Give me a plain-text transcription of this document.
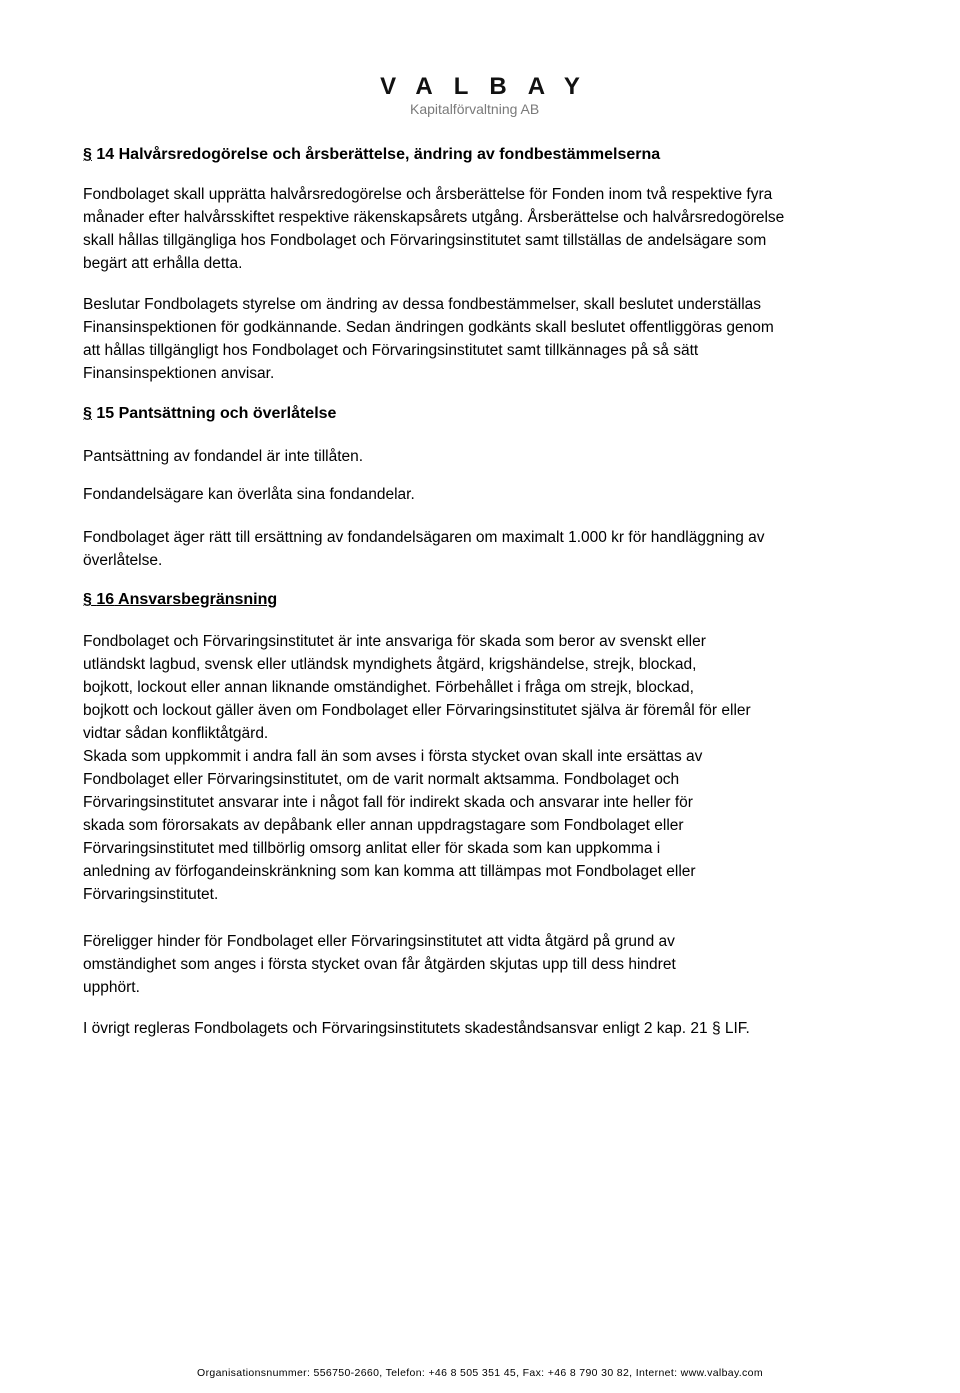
VALBAY
Kapitalförvaltning AB
§ 14 Halvårsredogörelse och årsberättelse, ändring av fondbestämmelserna
Fondbolaget skall upprätta halvårsredogörelse och årsberättelse för Fonden inom två respektive fyra
månader efter halvårsskiftet respektive räkenskapsårets utgång. Årsberättelse och halvårsredogörelse
skall hållas tillgängliga hos Fondbolaget och Förvaringsinstitutet samt tillställas de andelsägare som
begärt att erhålla detta.
Beslutar Fondbolagets styrelse om ändring av dessa fondbestämmelser, skall beslutet underställas
Finansinspektionen för godkännande. Sedan ändringen godkänts skall beslutet offentliggöras genom
att hållas tillgängligt hos Fondbolaget och Förvaringsinstitutet samt tillkännages på så sätt
Finansinspektionen anvisar.
§ 15 Pantsättning och överlåtelse
Pantsättning av fondandel är inte tillåten.
Fondandelsägare kan överlåta sina fondandelar.
Fondbolaget äger rätt till ersättning av fondandelsägaren om maximalt 1.000 kr för handläggning av
överlåtelse.
§ 16 Ansvarsbegränsning
Fondbolaget och Förvaringsinstitutet är inte ansvariga för skada som beror av svenskt eller
utländskt lagbud, svensk eller utländsk myndighets åtgärd, krigshändelse, strejk, blockad,
bojkott, lockout eller annan liknande omständighet. Förbehållet i fråga om strejk, blockad,
bojkott och lockout gäller även om Fondbolaget eller Förvaringsinstitutet själva är föremål för eller
vidtar sådan konfliktåtgärd.
Skada som uppkommit i andra fall än som avses i första stycket ovan skall inte ersättas av
Fondbolaget eller Förvaringsinstitutet, om de varit normalt aktsamma. Fondbolaget och
Förvaringsinstitutet ansvarar inte i något fall för indirekt skada och ansvarar inte heller för
skada som förorsakats av depåbank eller annan uppdragstagare som Fondbolaget eller
Förvaringsinstitutet med tillbörlig omsorg anlitat eller för skada som kan uppkomma i
anledning av förfogandeinskränkning som kan komma att tillämpas mot Fondbolaget eller
Förvaringsinstitutet.
Föreligger hinder för Fondbolaget eller Förvaringsinstitutet att vidta åtgärd på grund av
omständighet som anges i första stycket ovan får åtgärden skjutas upp till dess hindret
upphört.
I övrigt regleras Fondbolagets och Förvaringsinstitutets skadeståndsansvar enligt 2 kap. 21 § LIF.
Organisationsnummer: 556750-2660, Telefon: +46 8 505 351 45, Fax: +46 8 790 30 82, Internet: www.valbay.com
